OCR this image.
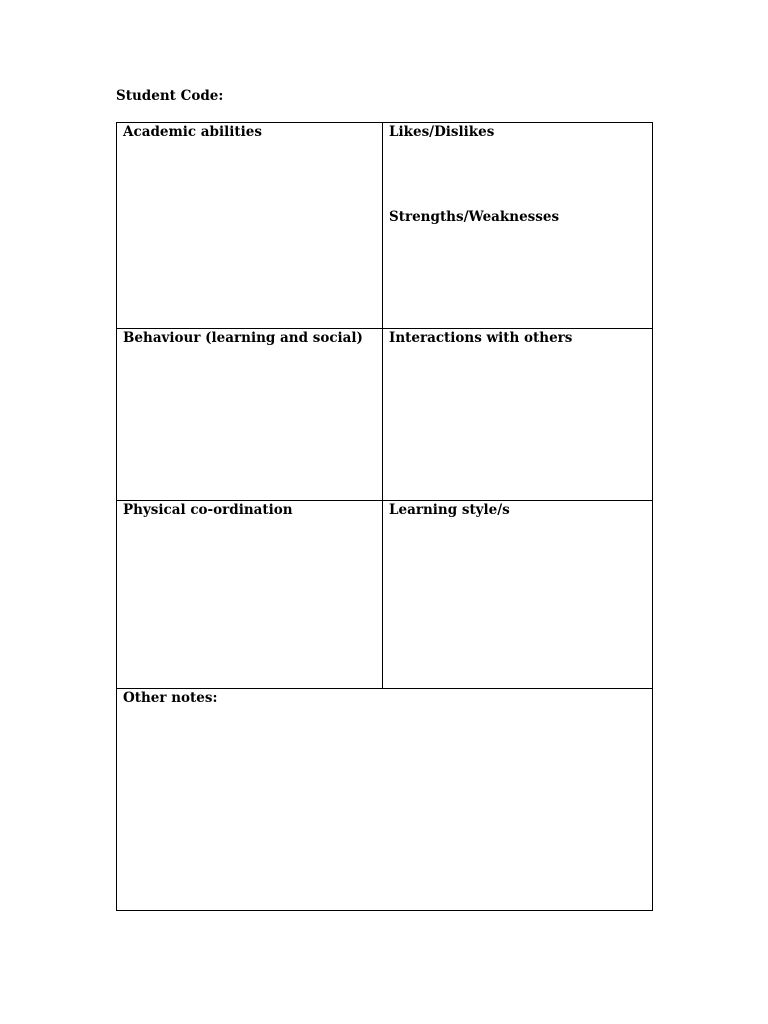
Student Code:
Academic abilities	Likes/Dislikes
Strengths/Weaknesses

Behaviour (learning and social)	Interactions with others

Physical co-ordination	Learning style/s

Other notes:	
